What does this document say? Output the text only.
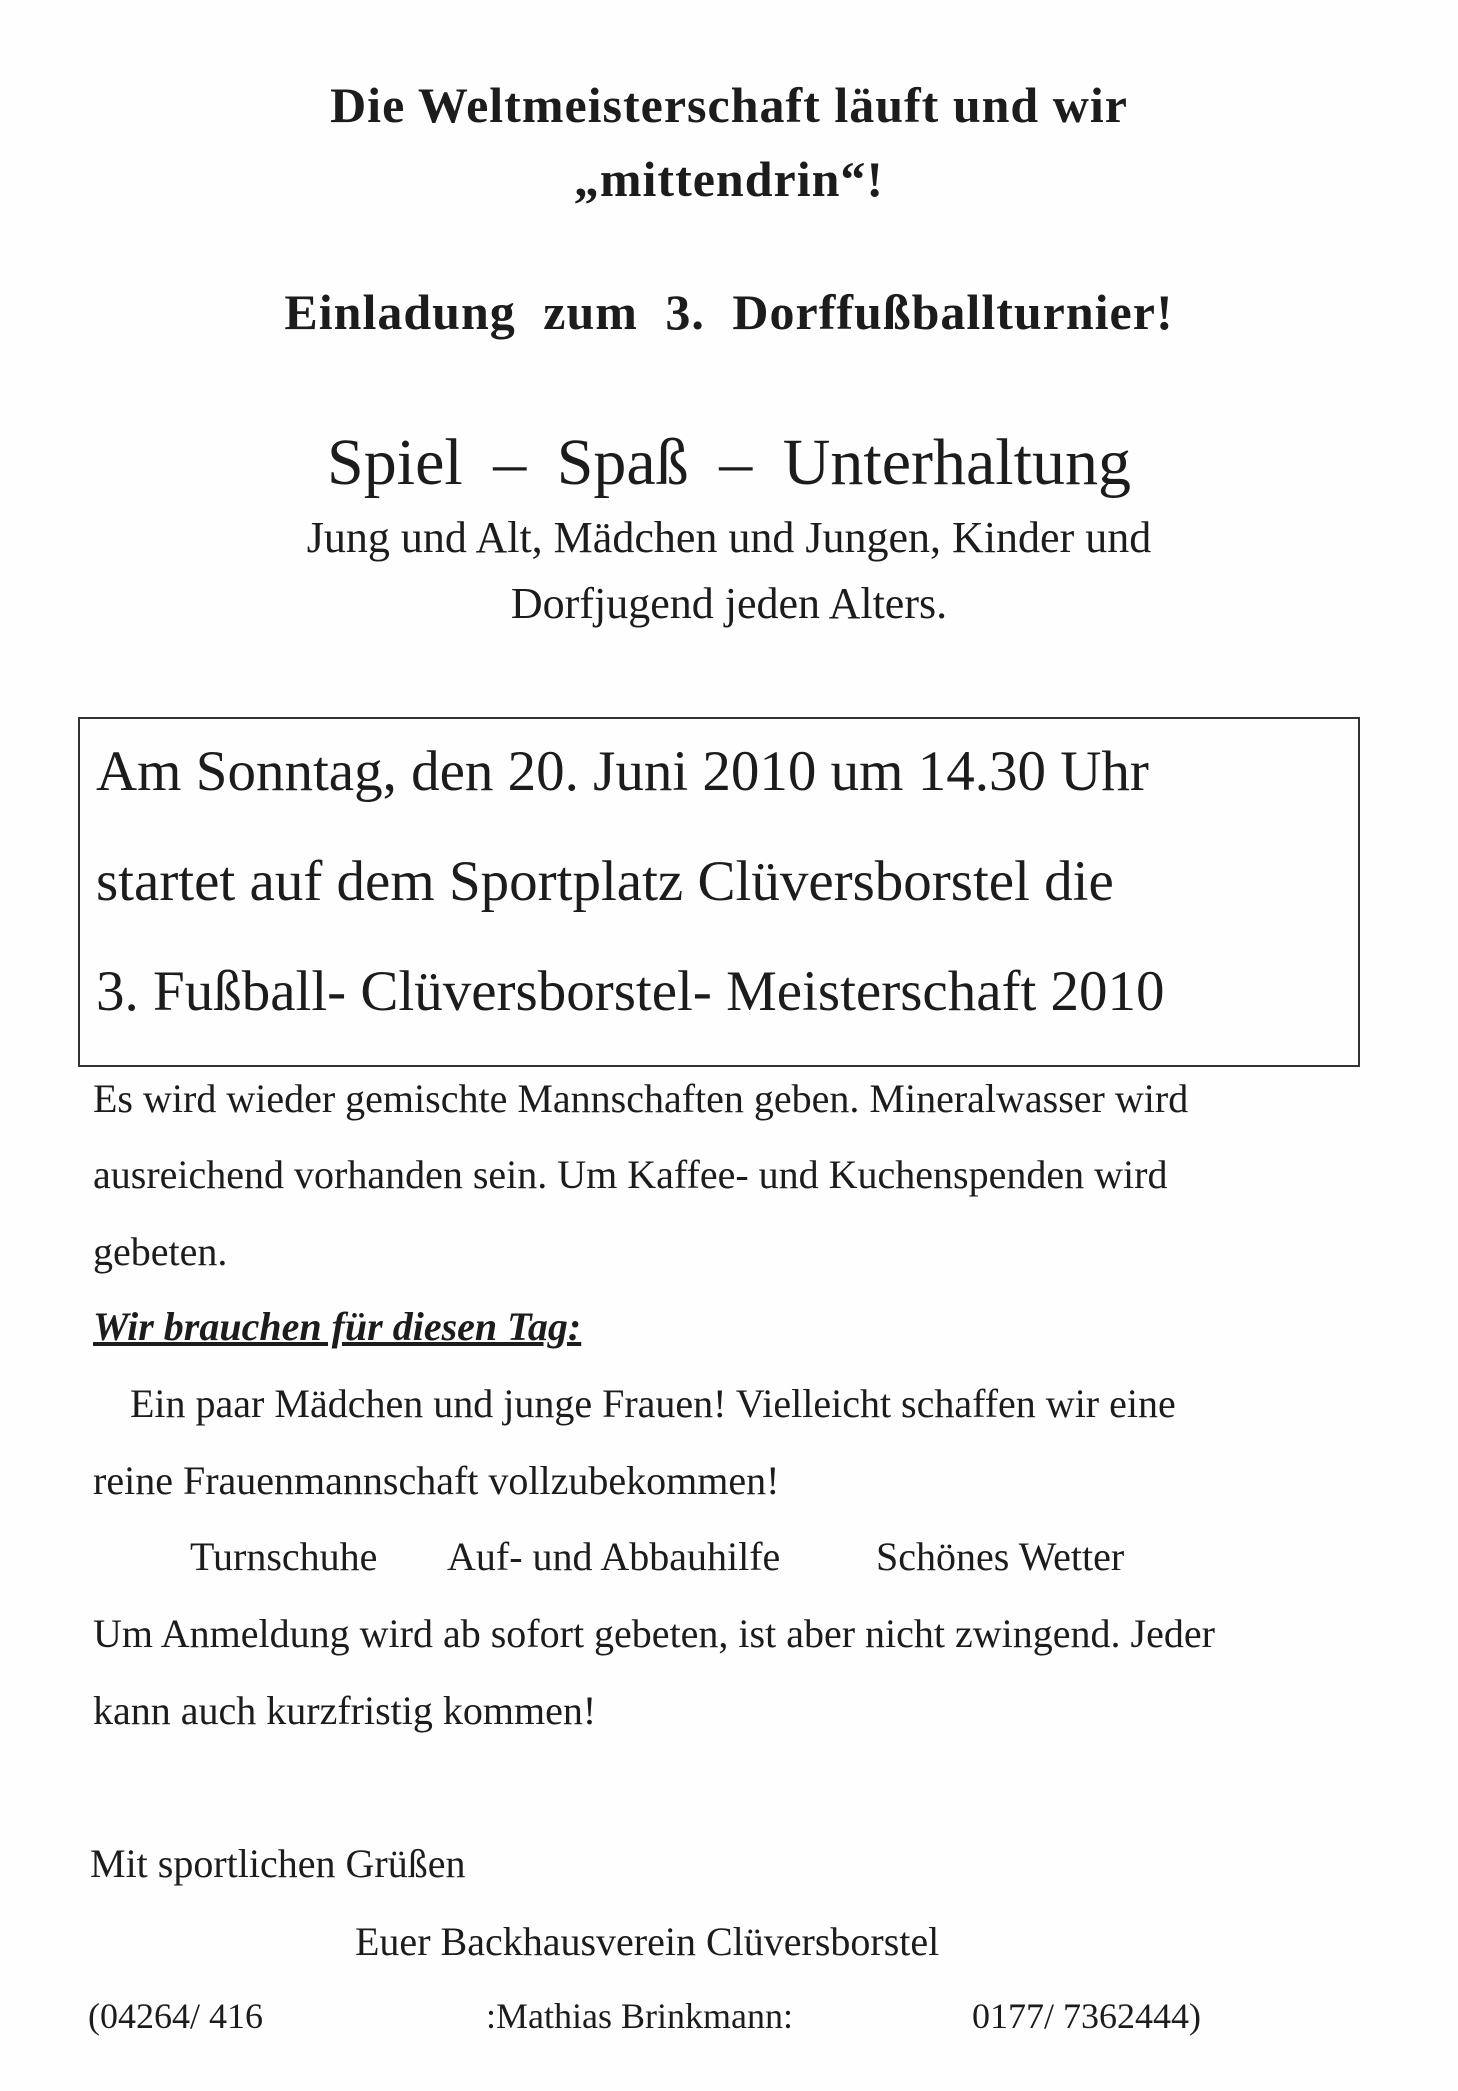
Die Weltmeisterschaft läuft und wir
„mittendrin“!
Einladung zum 3. Dorffußballturnier!
Spiel – Spaß – Unterhaltung
Jung und Alt, Mädchen und Jungen, Kinder und
Dorfjugend jeden Alters.
Am Sonntag, den 20. Juni 2010 um 14.30 Uhr
startet auf dem Sportplatz Clüversborstel die
3. Fußball- Clüversborstel- Meisterschaft 2010
Es wird wieder gemischte Mannschaften geben. Mineralwasser wird
ausreichend vorhanden sein. Um Kaffee- und Kuchenspenden wird
gebeten.
Wir brauchen für diesen Tag:
Ein paar Mädchen und junge Frauen! Vielleicht schaffen wir eine
reine Frauenmannschaft vollzubekommen!
Turnschuhe Auf- und Abbauhilfe Schönes Wetter
Um Anmeldung wird ab sofort gebeten, ist aber nicht zwingend. Jeder
kann auch kurzfristig kommen!
Mit sportlichen Grüßen
Euer Backhausverein Clüversborstel
(04264/ 416	:Mathias Brinkmann:	0177/ 7362444)
